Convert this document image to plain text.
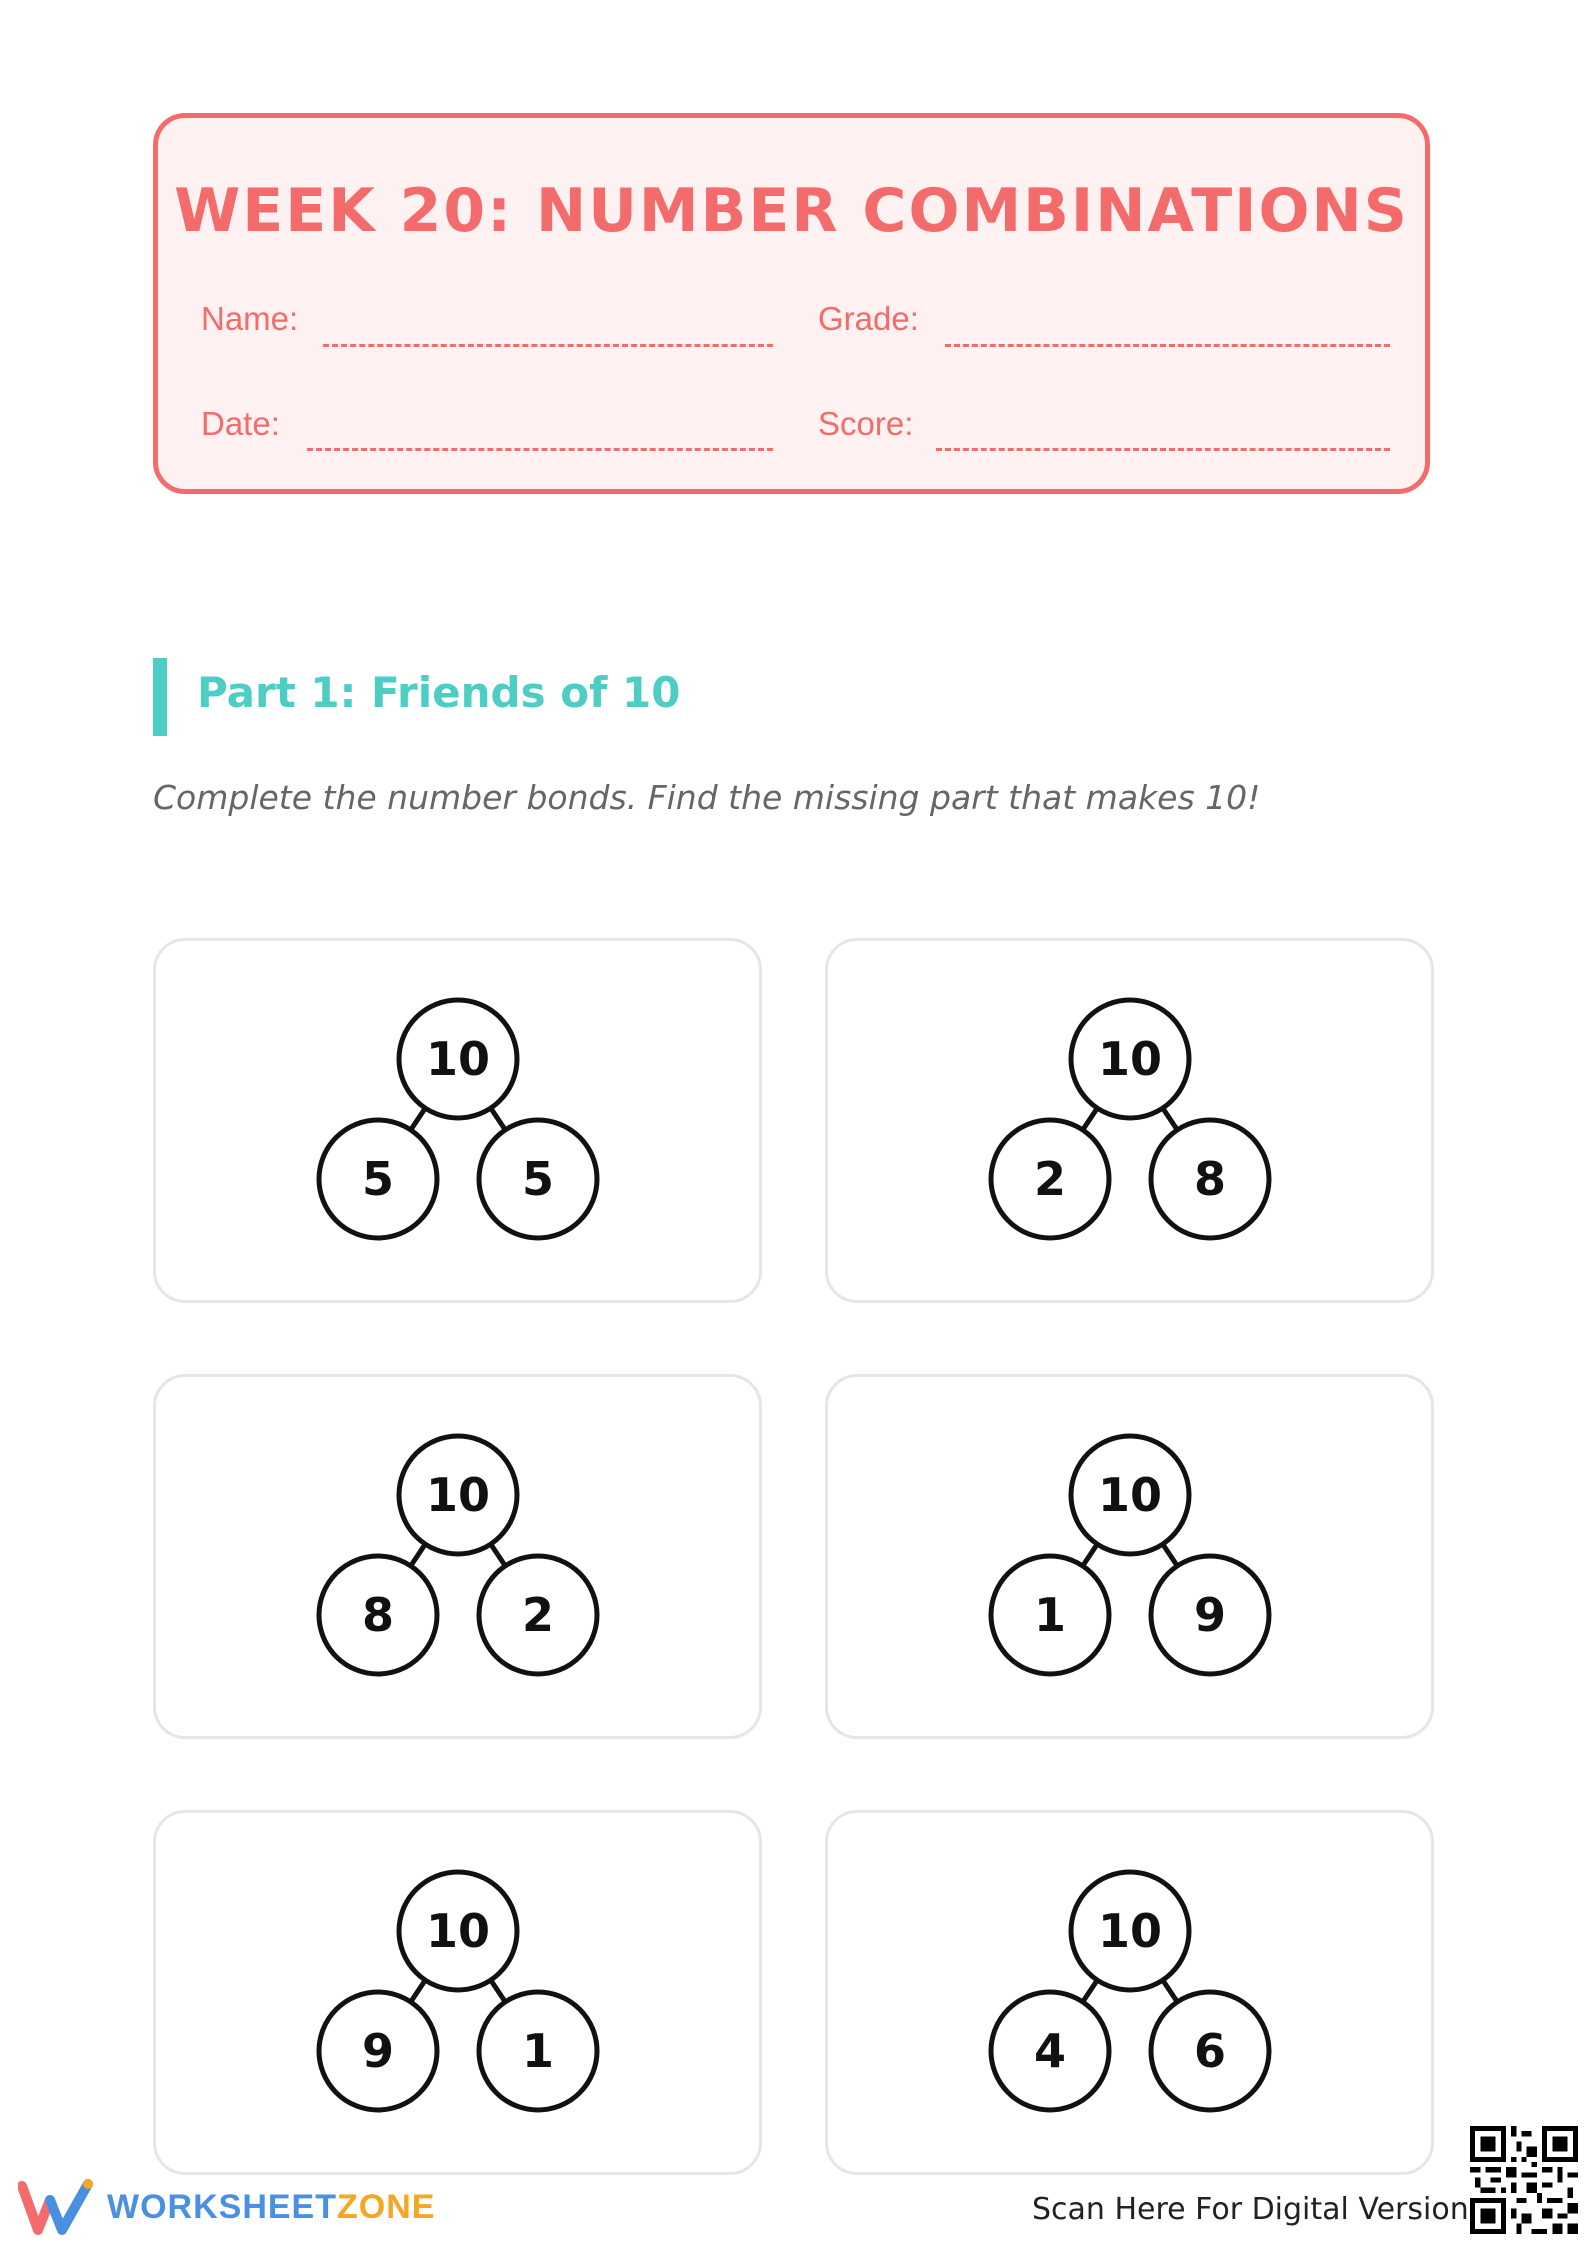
WEEK 20: NUMBER COMBINATIONS
Name:	Grade:
Date:	Score:
Part 1: Friends of 10
Complete the number bonds. Find the missing part that makes 10!
10
5	5
10
2	8
10
8	2
10
1	9
10
9	1
10
4	6
WORKSHEETZONE	Scan Here For Digital Version
